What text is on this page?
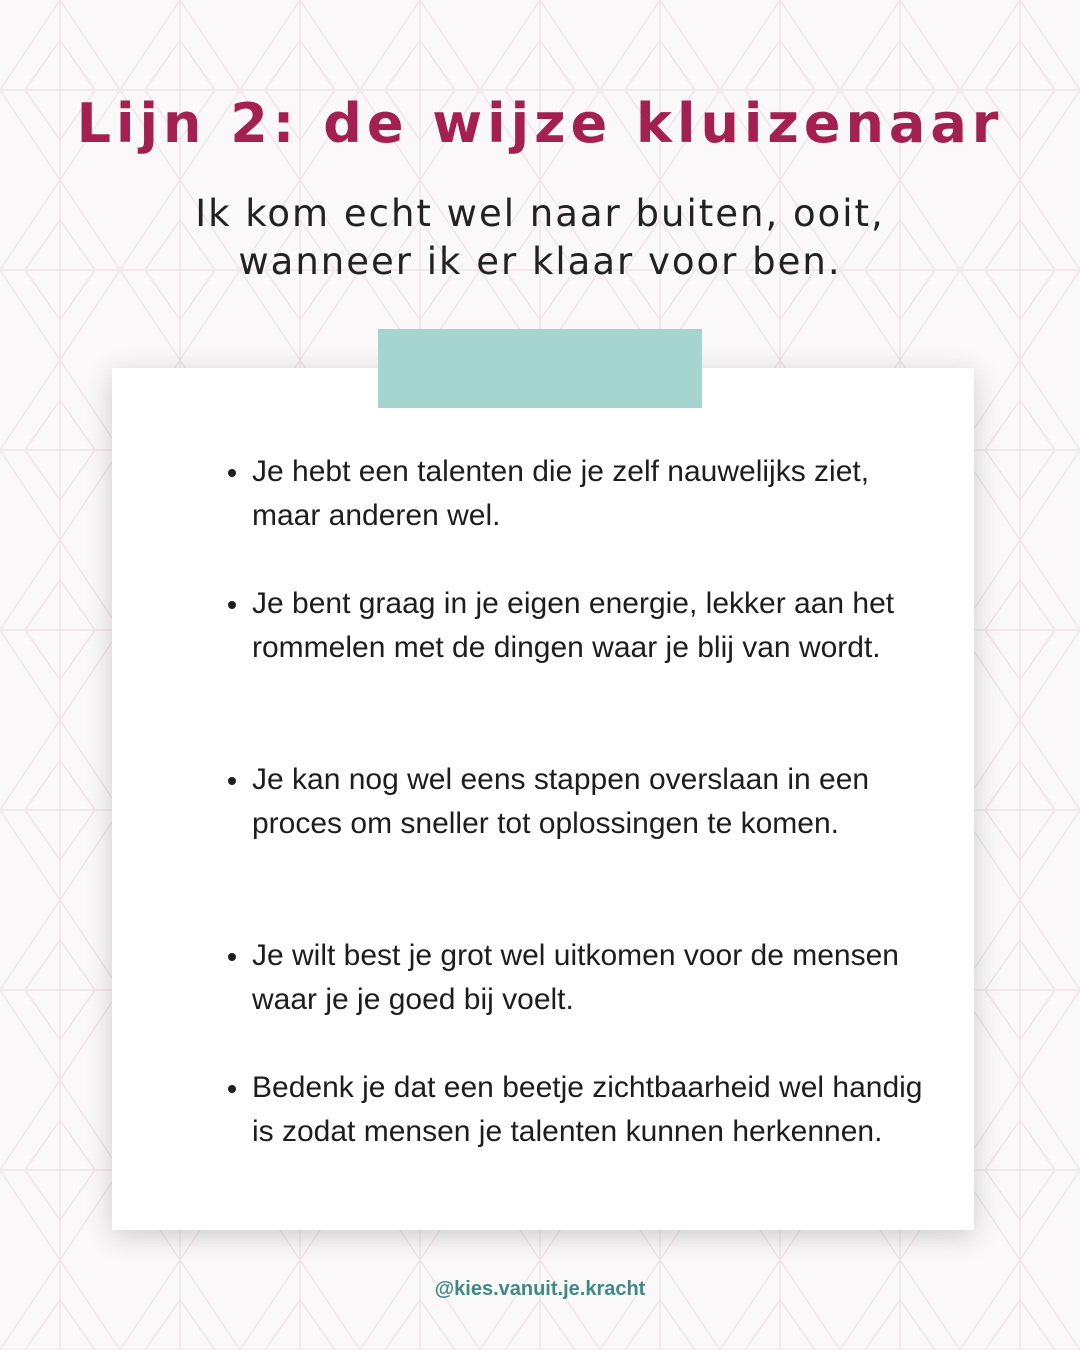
Lijn 2: de wijze kluizenaar

Ik kom echt wel naar buiten, ooit, wanneer ik er klaar voor ben.

Je hebt een talenten die je zelf nauwelijks ziet, maar anderen wel.
Je bent graag in je eigen energie, lekker aan het rommelen met de dingen waar je blij van wordt.
Je kan nog wel eens stappen overslaan in een proces om sneller tot oplossingen te komen.
Je wilt best je grot wel uitkomen voor de mensen waar je je goed bij voelt.
Bedenk je dat een beetje zichtbaarheid wel handig is zodat mensen je talenten kunnen herkennen.
@kies.vanuit.je.kracht
